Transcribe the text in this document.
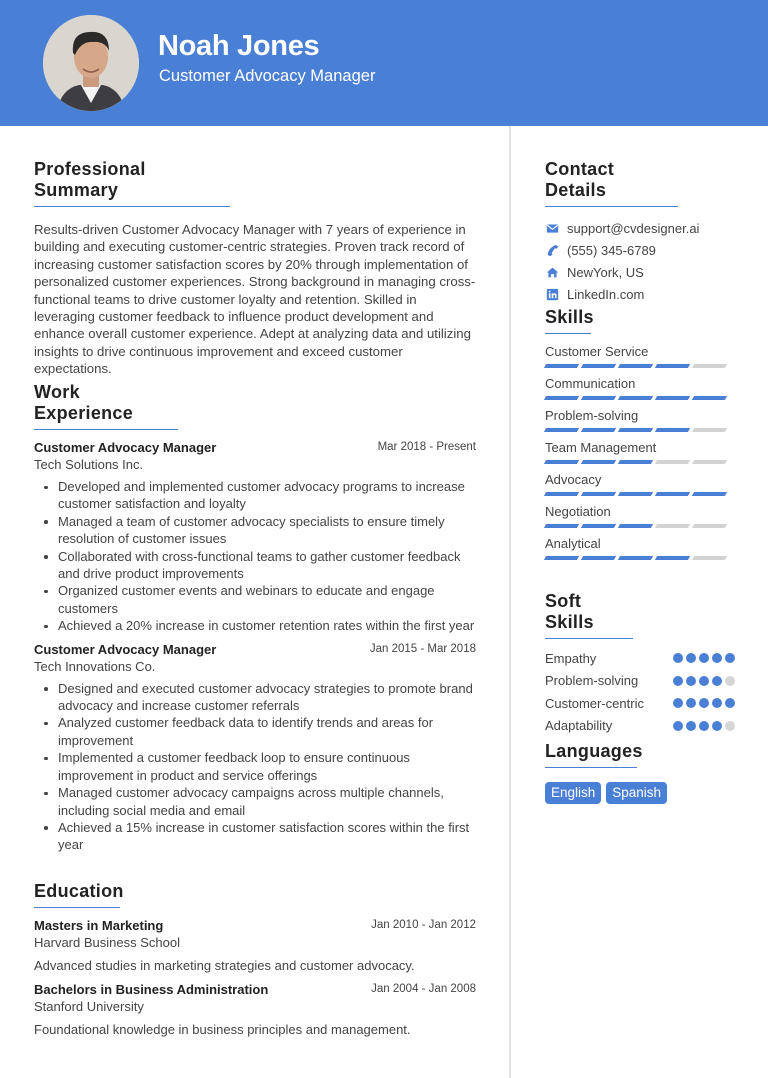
Noah Jones
Customer Advocacy Manager
Professional Summary
Results-driven Customer Advocacy Manager with 7 years of experience in building and executing customer-centric strategies. Proven track record of increasing customer satisfaction scores by 20% through implementation of personalized customer experiences. Strong background in managing cross-functional teams to drive customer loyalty and retention. Skilled in leveraging customer feedback to influence product development and enhance overall customer experience. Adept at analyzing data and utilizing insights to drive continuous improvement and exceed customer expectations.
Work Experience
Customer Advocacy Manager	Mar 2018 - Present
Tech Solutions Inc.
Developed and implemented customer advocacy programs to increase customer satisfaction and loyalty
Managed a team of customer advocacy specialists to ensure timely resolution of customer issues
Collaborated with cross-functional teams to gather customer feedback and drive product improvements
Organized customer events and webinars to educate and engage customers
Achieved a 20% increase in customer retention rates within the first year
Customer Advocacy Manager	Jan 2015 - Mar 2018
Tech Innovations Co.
Designed and executed customer advocacy strategies to promote brand advocacy and increase customer referrals
Analyzed customer feedback data to identify trends and areas for improvement
Implemented a customer feedback loop to ensure continuous improvement in product and service offerings
Managed customer advocacy campaigns across multiple channels, including social media and email
Achieved a 15% increase in customer satisfaction scores within the first year
Education
Masters in Marketing	Jan 2010 - Jan 2012
Harvard Business School
Advanced studies in marketing strategies and customer advocacy.
Bachelors in Business Administration	Jan 2004 - Jan 2008
Stanford University
Foundational knowledge in business principles and management.
Contact Details
support@cvdesigner.ai
(555) 345-6789
NewYork, US
LinkedIn.com
Skills
Customer Service
Communication
Problem-solving
Team Management
Advocacy
Negotiation
Analytical
Soft Skills
Empathy
Problem-solving
Customer-centric
Adaptability
Languages
English	Spanish
